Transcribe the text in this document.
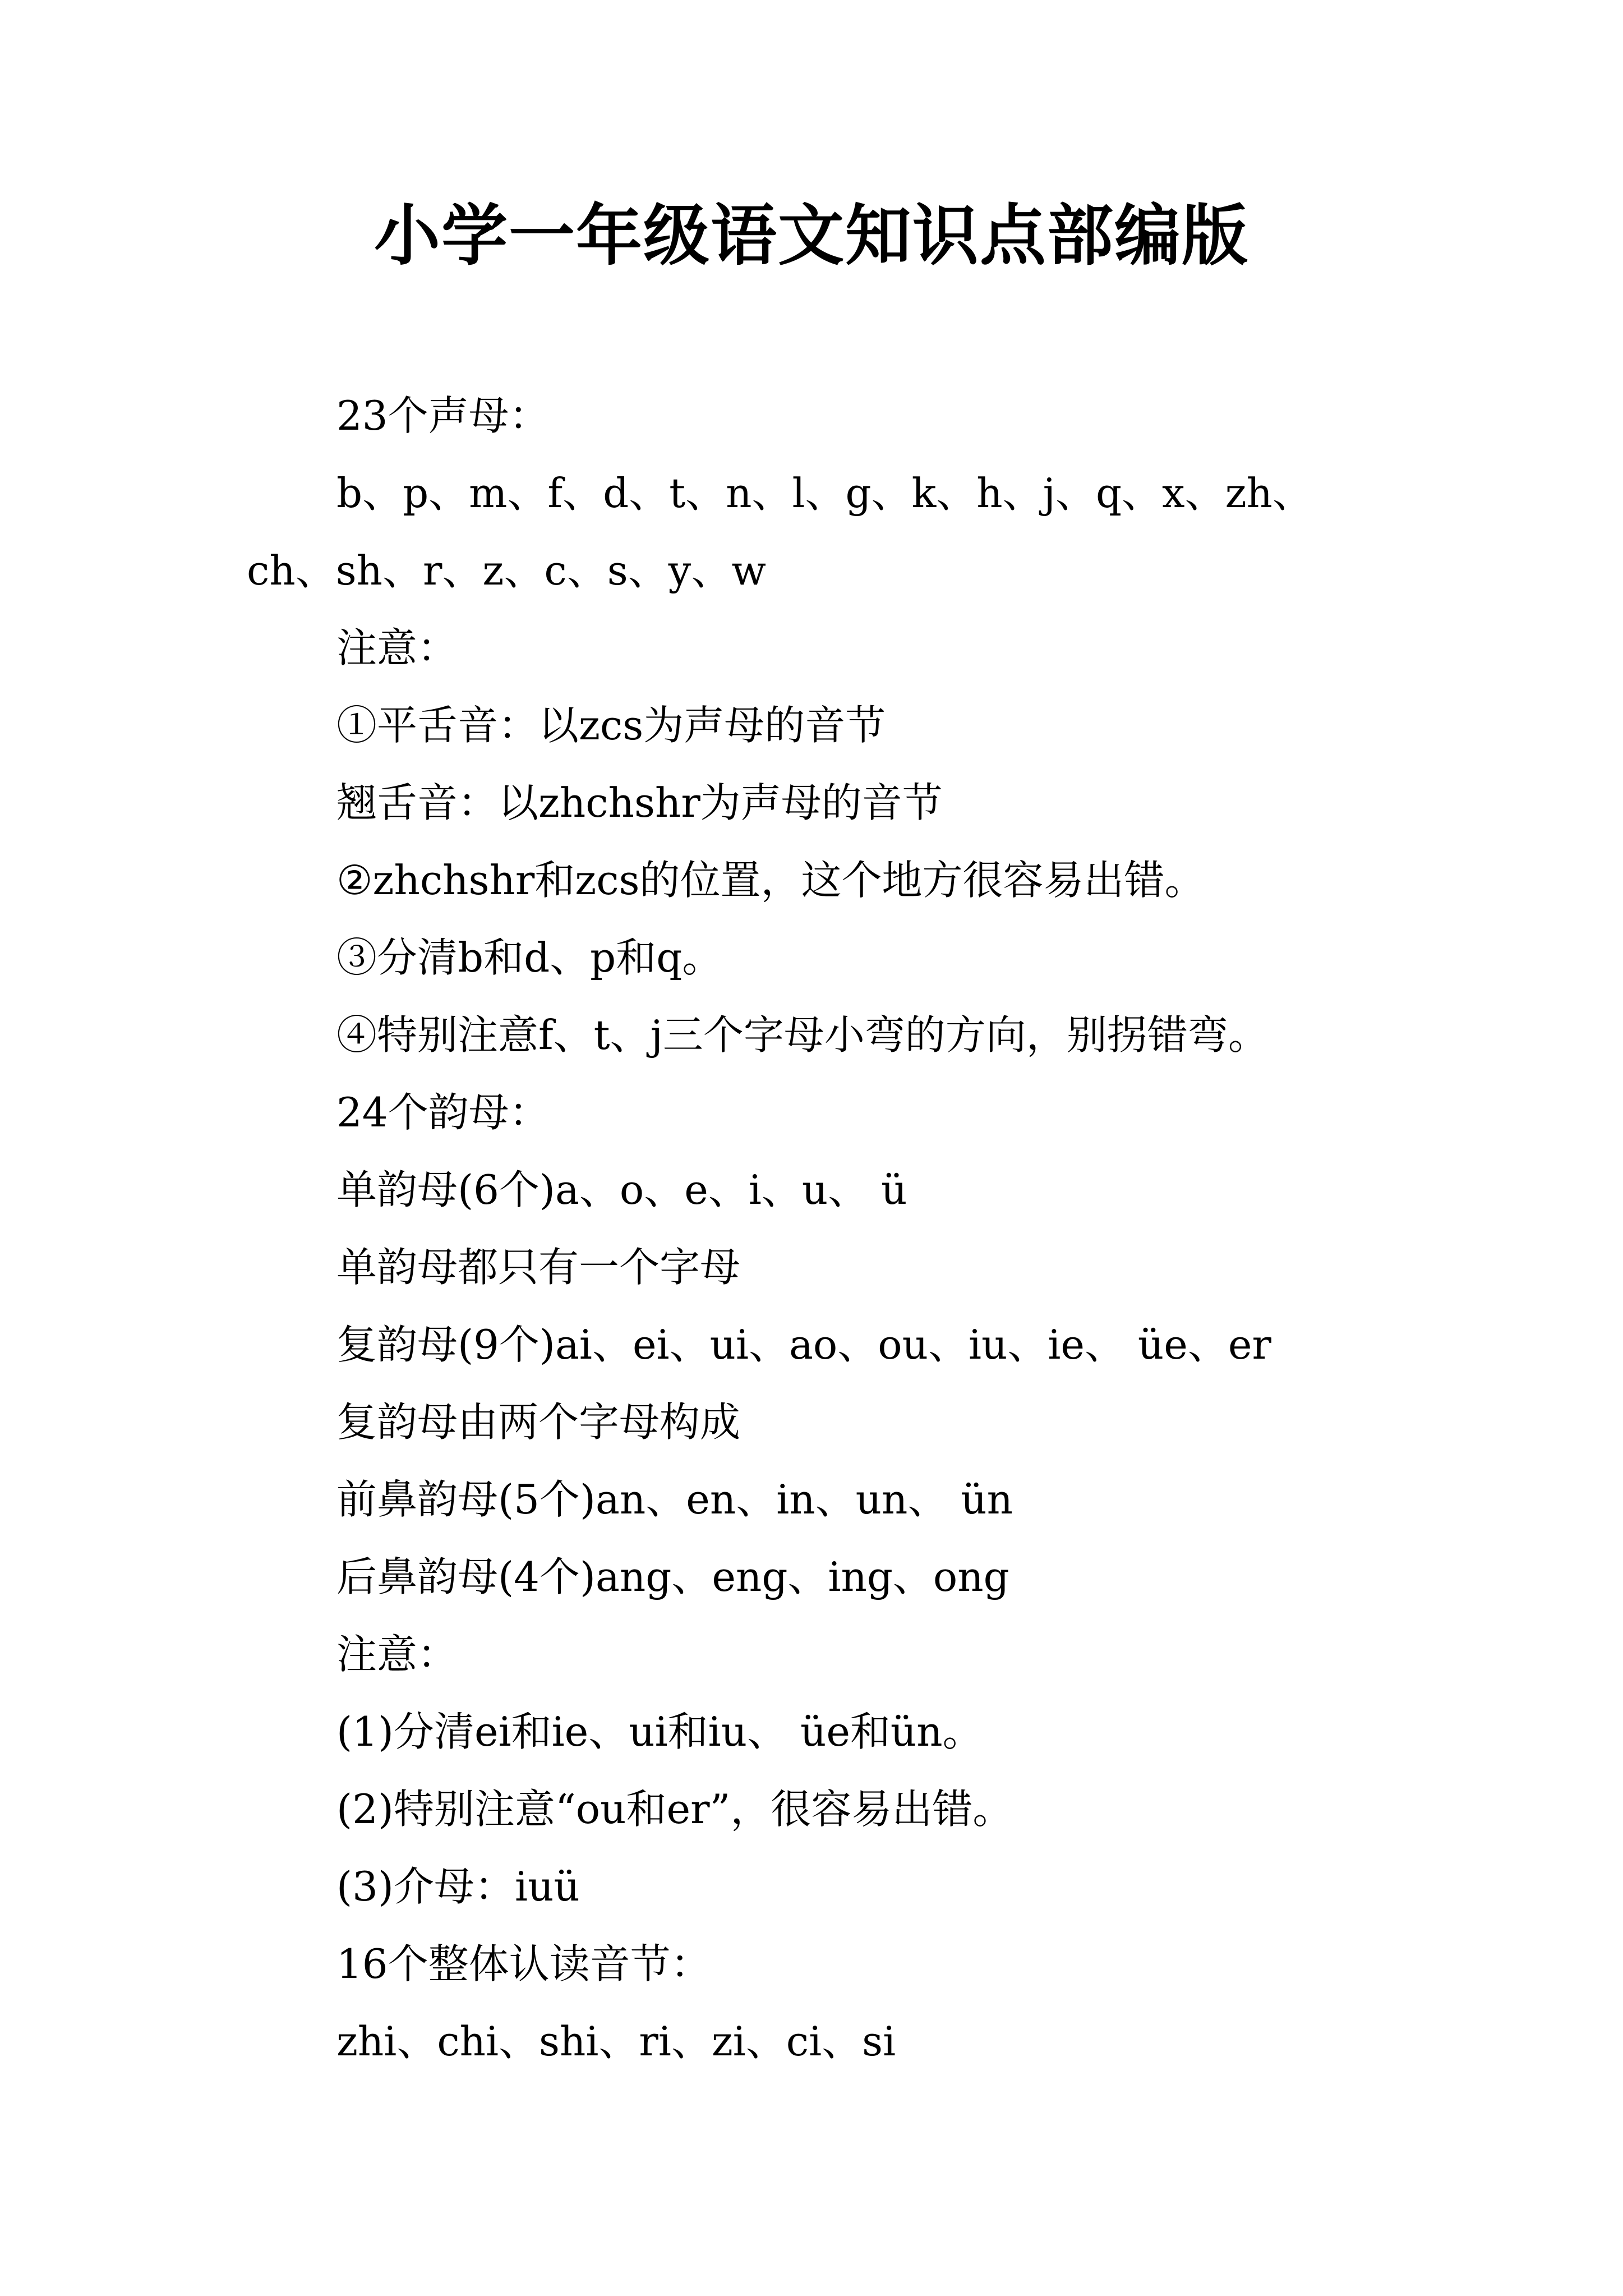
小学一年级语文知识点部编版
23个声母：
b、p、m、f、d、t、n、l、g、k、h、j、q、x、zh、
ch、sh、r、z、c、s、y、w
注意：
①平舌音：以zcs为声母的音节
翘舌音：以zhchshr为声母的音节
②zhchshr和zcs的位置，这个地方很容易出错。
③分清b和d、p和q。
④特别注意f、t、j三个字母小弯的方向，别拐错弯。
24个韵母：
单韵母(6个)a、o、e、i、u、 ü
单韵母都只有一个字母
复韵母(9个)ai、ei、ui、ao、ou、iu、ie、 üe、er
复韵母由两个字母构成
前鼻韵母(5个)an、en、in、un、 ün
后鼻韵母(4个)ang、eng、ing、ong
注意：
(1)分清ei和ie、ui和iu、 üe和ün。
(2)特别注意“ou和er”，很容易出错。
(3)介母：iuü
16个整体认读音节：
zhi、chi、shi、ri、zi、ci、si
